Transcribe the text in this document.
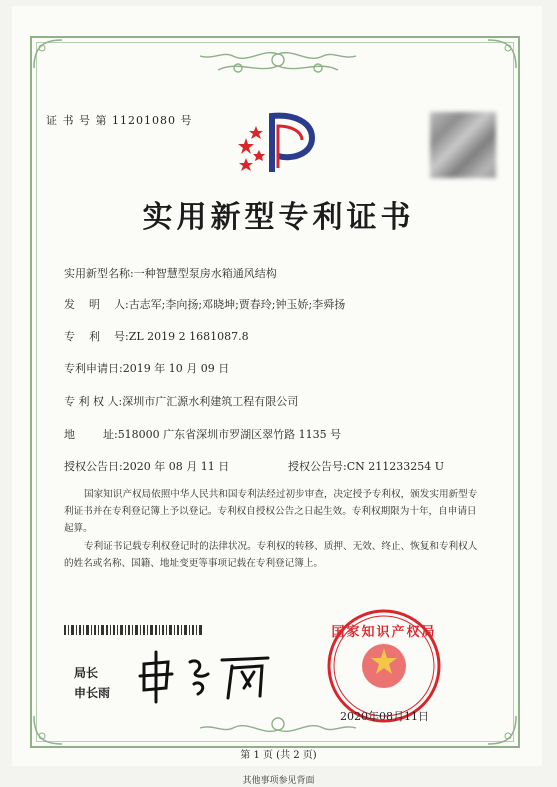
证 书 号 第 11201080 号
实用新型专利证书
实用新型名称:一种智慧型泵房水箱通风结构
发    明    人:古志军;李向扬;邓晓坤;贾春玲;钟玉娇;李舜扬
专    利    号:ZL 2019 2 1681087.8
专利申请日:2019 年 10 月 09 日
专 利 权 人:深圳市广汇源水利建筑工程有限公司
地        址:518000 广东省深圳市罗湖区翠竹路 1135 号
授权公告日:2020 年 08 月 11 日	授权公告号:CN 211233254 U
国家知识产权局依照中华人民共和国专利法经过初步审查，决定授予专利权，颁发实用新型专利证书并在专利登记簿上予以登记。专利权自授权公告之日起生效。专利权期限为十年，自申请日起算。
专利证书记载专利权登记时的法律状况。专利权的转移、质押、无效、终止、恢复和专利权人的姓名或名称、国籍、地址变更等事项记载在专利登记簿上。
局长
申长雨
国家知识产权局
2020年08月11日
第 1 页 (共 2 页)
其他事项参见背面
